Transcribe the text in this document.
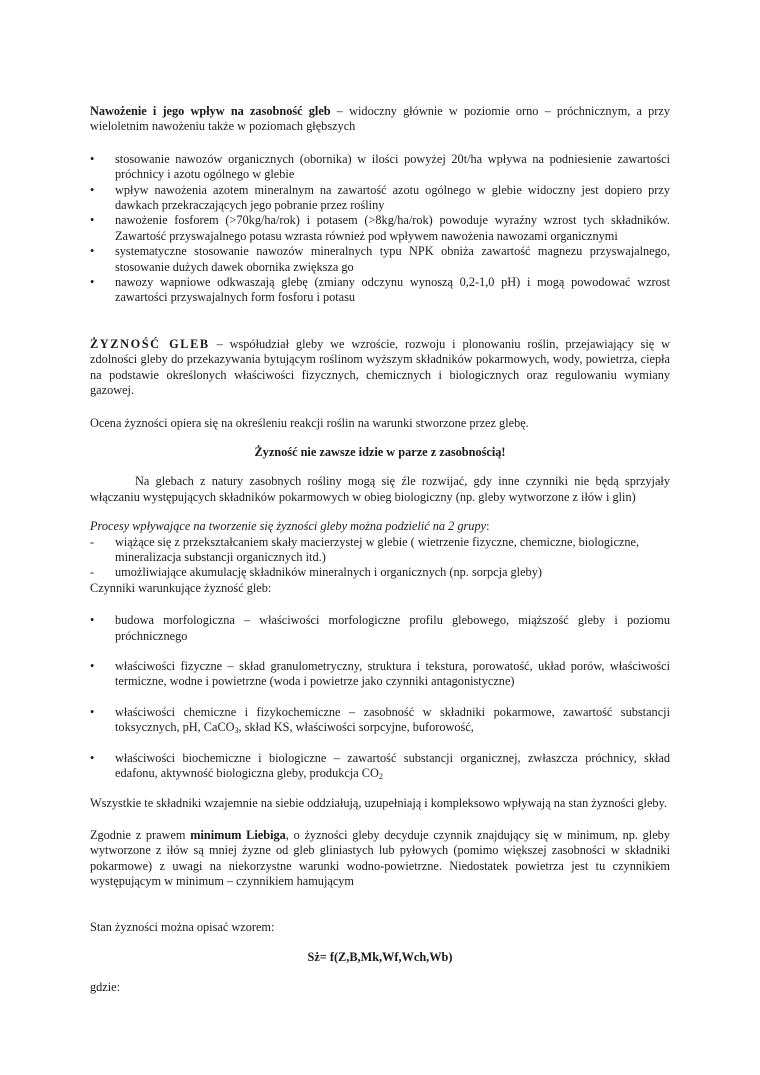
Nawożenie i jego wpływ na zasobność gleb – widoczny głównie w poziomie orno – próchnicznym, a przy wieloletnim nawożeniu także w poziomach głębszych

• stosowanie nawozów organicznych (obornika) w ilości powyżej 20t/ha wpływa na podniesienie zawartości próchnicy i azotu ogólnego w glebie
• wpływ nawożenia azotem mineralnym na zawartość azotu ogólnego w glebie widoczny jest dopiero przy dawkach przekraczających jego pobranie przez rośliny
• nawożenie fosforem (>70kg/ha/rok) i potasem (>8kg/ha/rok) powoduje wyraźny wzrost tych składników. Zawartość przyswajalnego potasu wzrasta również pod wpływem nawożenia nawozami organicznymi
• systematyczne stosowanie nawozów mineralnych typu NPK obniża zawartość magnezu przyswajalnego, stosowanie dużych dawek obornika zwiększa go
• nawozy wapniowe odkwaszają glebę (zmiany odczynu wynoszą 0,2-1,0 pH) i mogą powodować wzrost zawartości przyswajalnych form fosforu i potasu

ŻYZNOŚĆ GLEB – współudział gleby we wzroście, rozwoju i plonowaniu roślin, przejawiający się w zdolności gleby do przekazywania bytującym roślinom wyższym składników pokarmowych, wody, powietrza, ciepła na podstawie określonych właściwości fizycznych, chemicznych i biologicznych oraz regulowaniu wymiany gazowej.

Ocena żyzności opiera się na określeniu reakcji roślin na warunki stworzone przez glebę.

Żyzność nie zawsze idzie w parze z zasobnością!

Na glebach z natury zasobnych rośliny mogą się źle rozwijać, gdy inne czynniki nie będą sprzyjały włączaniu występujących składników pokarmowych w obieg biologiczny (np. gleby wytworzone z iłów i glin)

Procesy wpływające na tworzenie się żyzności gleby można podzielić na 2 grupy:

- wiążące się z przekształcaniem skały macierzystej w glebie ( wietrzenie fizyczne, chemiczne, biologiczne, mineralizacja substancji organicznych itd.)
- umożliwiające akumulację składników mineralnych i organicznych (np. sorpcja gleby)

Czynniki warunkujące żyzność gleb:

• budowa morfologiczna – właściwości morfologiczne profilu glebowego, miąższość gleby i poziomu próchnicznego
• właściwości fizyczne – skład granulometryczny, struktura i tekstura, porowatość, układ porów, właściwości termiczne, wodne i powietrzne (woda i powietrze jako czynniki antagonistyczne)
• właściwości chemiczne i fizykochemiczne – zasobność w składniki pokarmowe, zawartość substancji toksycznych, pH, CaCO$_3$, skład KS, właściwości sorpcyjne, buforowość,
• właściwości biochemiczne i biologiczne – zawartość substancji organicznej, zwłaszcza próchnicy, skład edafonu, aktywność biologiczna gleby, produkcja $CO_2$

Wszystkie te składniki wzajemnie na siebie oddziałują, uzupełniają i kompleksowo wpływają na stan żyzności gleby.

Zgodnie z prawem minimum Liebiga, o żyzności gleby decyduje czynnik znajdujący się w minimum, np. gleby wytworzone z iłów są mniej żyzne od gleb gliniastych lub pyłowych (pomimo większej zasobności w składniki pokarmowe) z uwagi na niekorzystne warunki wodno-powietrzne. Niedostatek powietrza jest tu czynnikiem występującym w minimum – czynnikiem hamującym

Stan żyzności można opisać wzorem:

Sż= f(Z,B,Mk,Wf,Wch,Wb)

gdzie:
